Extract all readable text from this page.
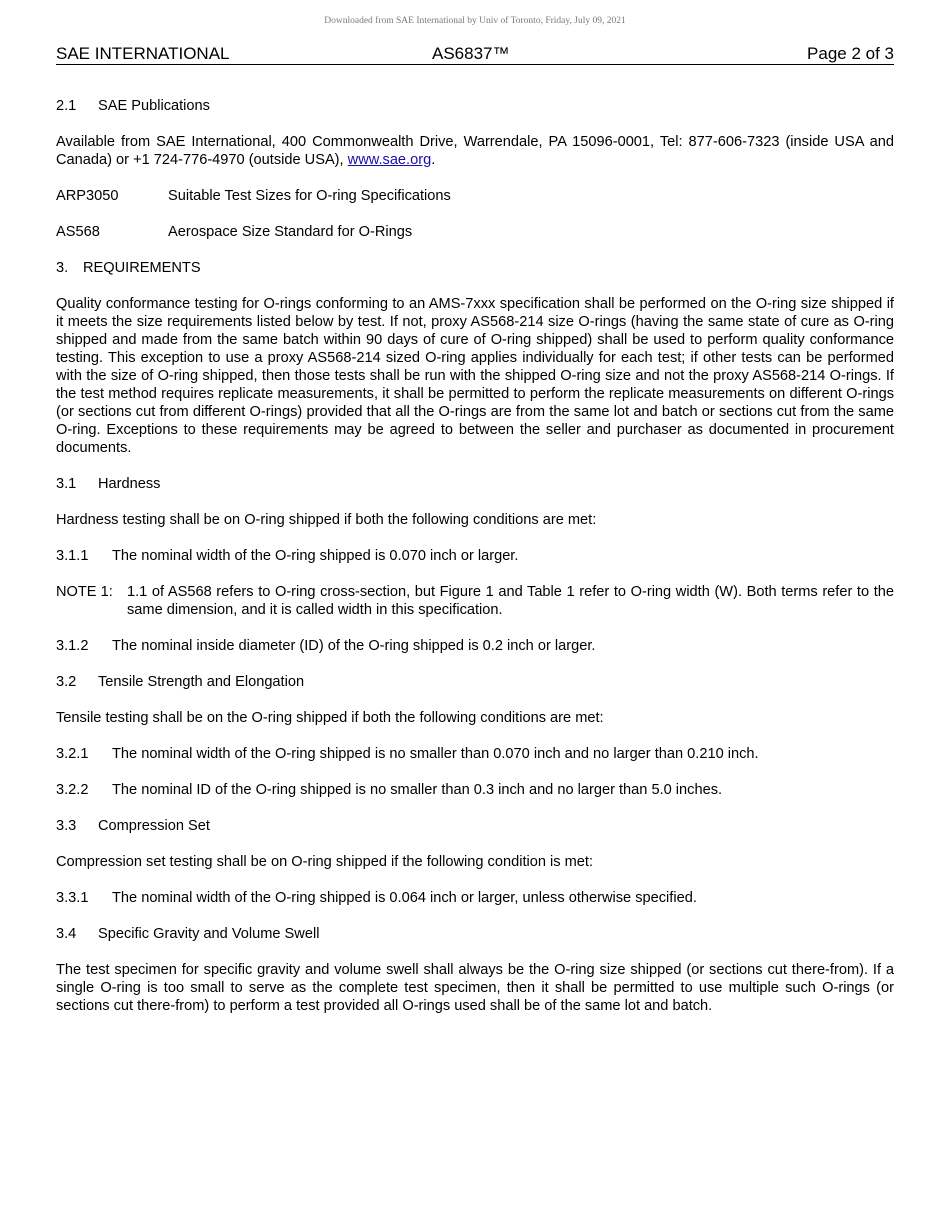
Downloaded from SAE International by Univ of Toronto, Friday, July 09, 2021
SAE INTERNATIONAL	AS6837™	Page 2 of 3

2.1	SAE Publications

Available from SAE International, 400 Commonwealth Drive, Warrendale, PA 15096-0001, Tel: 877-606-7323 (inside USA and Canada) or +1 724-776-4970 (outside USA), www.sae.org.

ARP3050	Suitable Test Sizes for O-ring Specifications

AS568	Aerospace Size Standard for O-Rings

3.	REQUIREMENTS

Quality conformance testing for O-rings conforming to an AMS-7xxx specification shall be performed on the O-ring size shipped if it meets the size requirements listed below by test. If not, proxy AS568-214 size O-rings (having the same state of cure as O-ring shipped and made from the same batch within 90 days of cure of O-ring shipped) shall be used to perform quality conformance testing. This exception to use a proxy AS568-214 sized O-ring applies individually for each test; if other tests can be performed with the size of O-ring shipped, then those tests shall be run with the shipped O-ring size and not the proxy AS568-214 O-rings. If the test method requires replicate measurements, it shall be permitted to perform the replicate measurements on different O-rings (or sections cut from different O-rings) provided that all the O-rings are from the same lot and batch or sections cut from the same O-ring. Exceptions to these requirements may be agreed to between the seller and purchaser as documented in procurement documents.

3.1	Hardness

Hardness testing shall be on O-ring shipped if both the following conditions are met:

3.1.1	The nominal width of the O-ring shipped is 0.070 inch or larger.

NOTE 1: 1.1 of AS568 refers to O-ring cross-section, but Figure 1 and Table 1 refer to O-ring width (W). Both terms refer to the same dimension, and it is called width in this specification.

3.1.2	The nominal inside diameter (ID) of the O-ring shipped is 0.2 inch or larger.

3.2	Tensile Strength and Elongation

Tensile testing shall be on the O-ring shipped if both the following conditions are met:

3.2.1	The nominal width of the O-ring shipped is no smaller than 0.070 inch and no larger than 0.210 inch.

3.2.2	The nominal ID of the O-ring shipped is no smaller than 0.3 inch and no larger than 5.0 inches.

3.3	Compression Set

Compression set testing shall be on O-ring shipped if the following condition is met:

3.3.1	The nominal width of the O-ring shipped is 0.064 inch or larger, unless otherwise specified.

3.4	Specific Gravity and Volume Swell

The test specimen for specific gravity and volume swell shall always be the O-ring size shipped (or sections cut there-from). If a single O-ring is too small to serve as the complete test specimen, then it shall be permitted to use multiple such O-rings (or sections cut there-from) to perform a test provided all O-rings used shall be of the same lot and batch.
